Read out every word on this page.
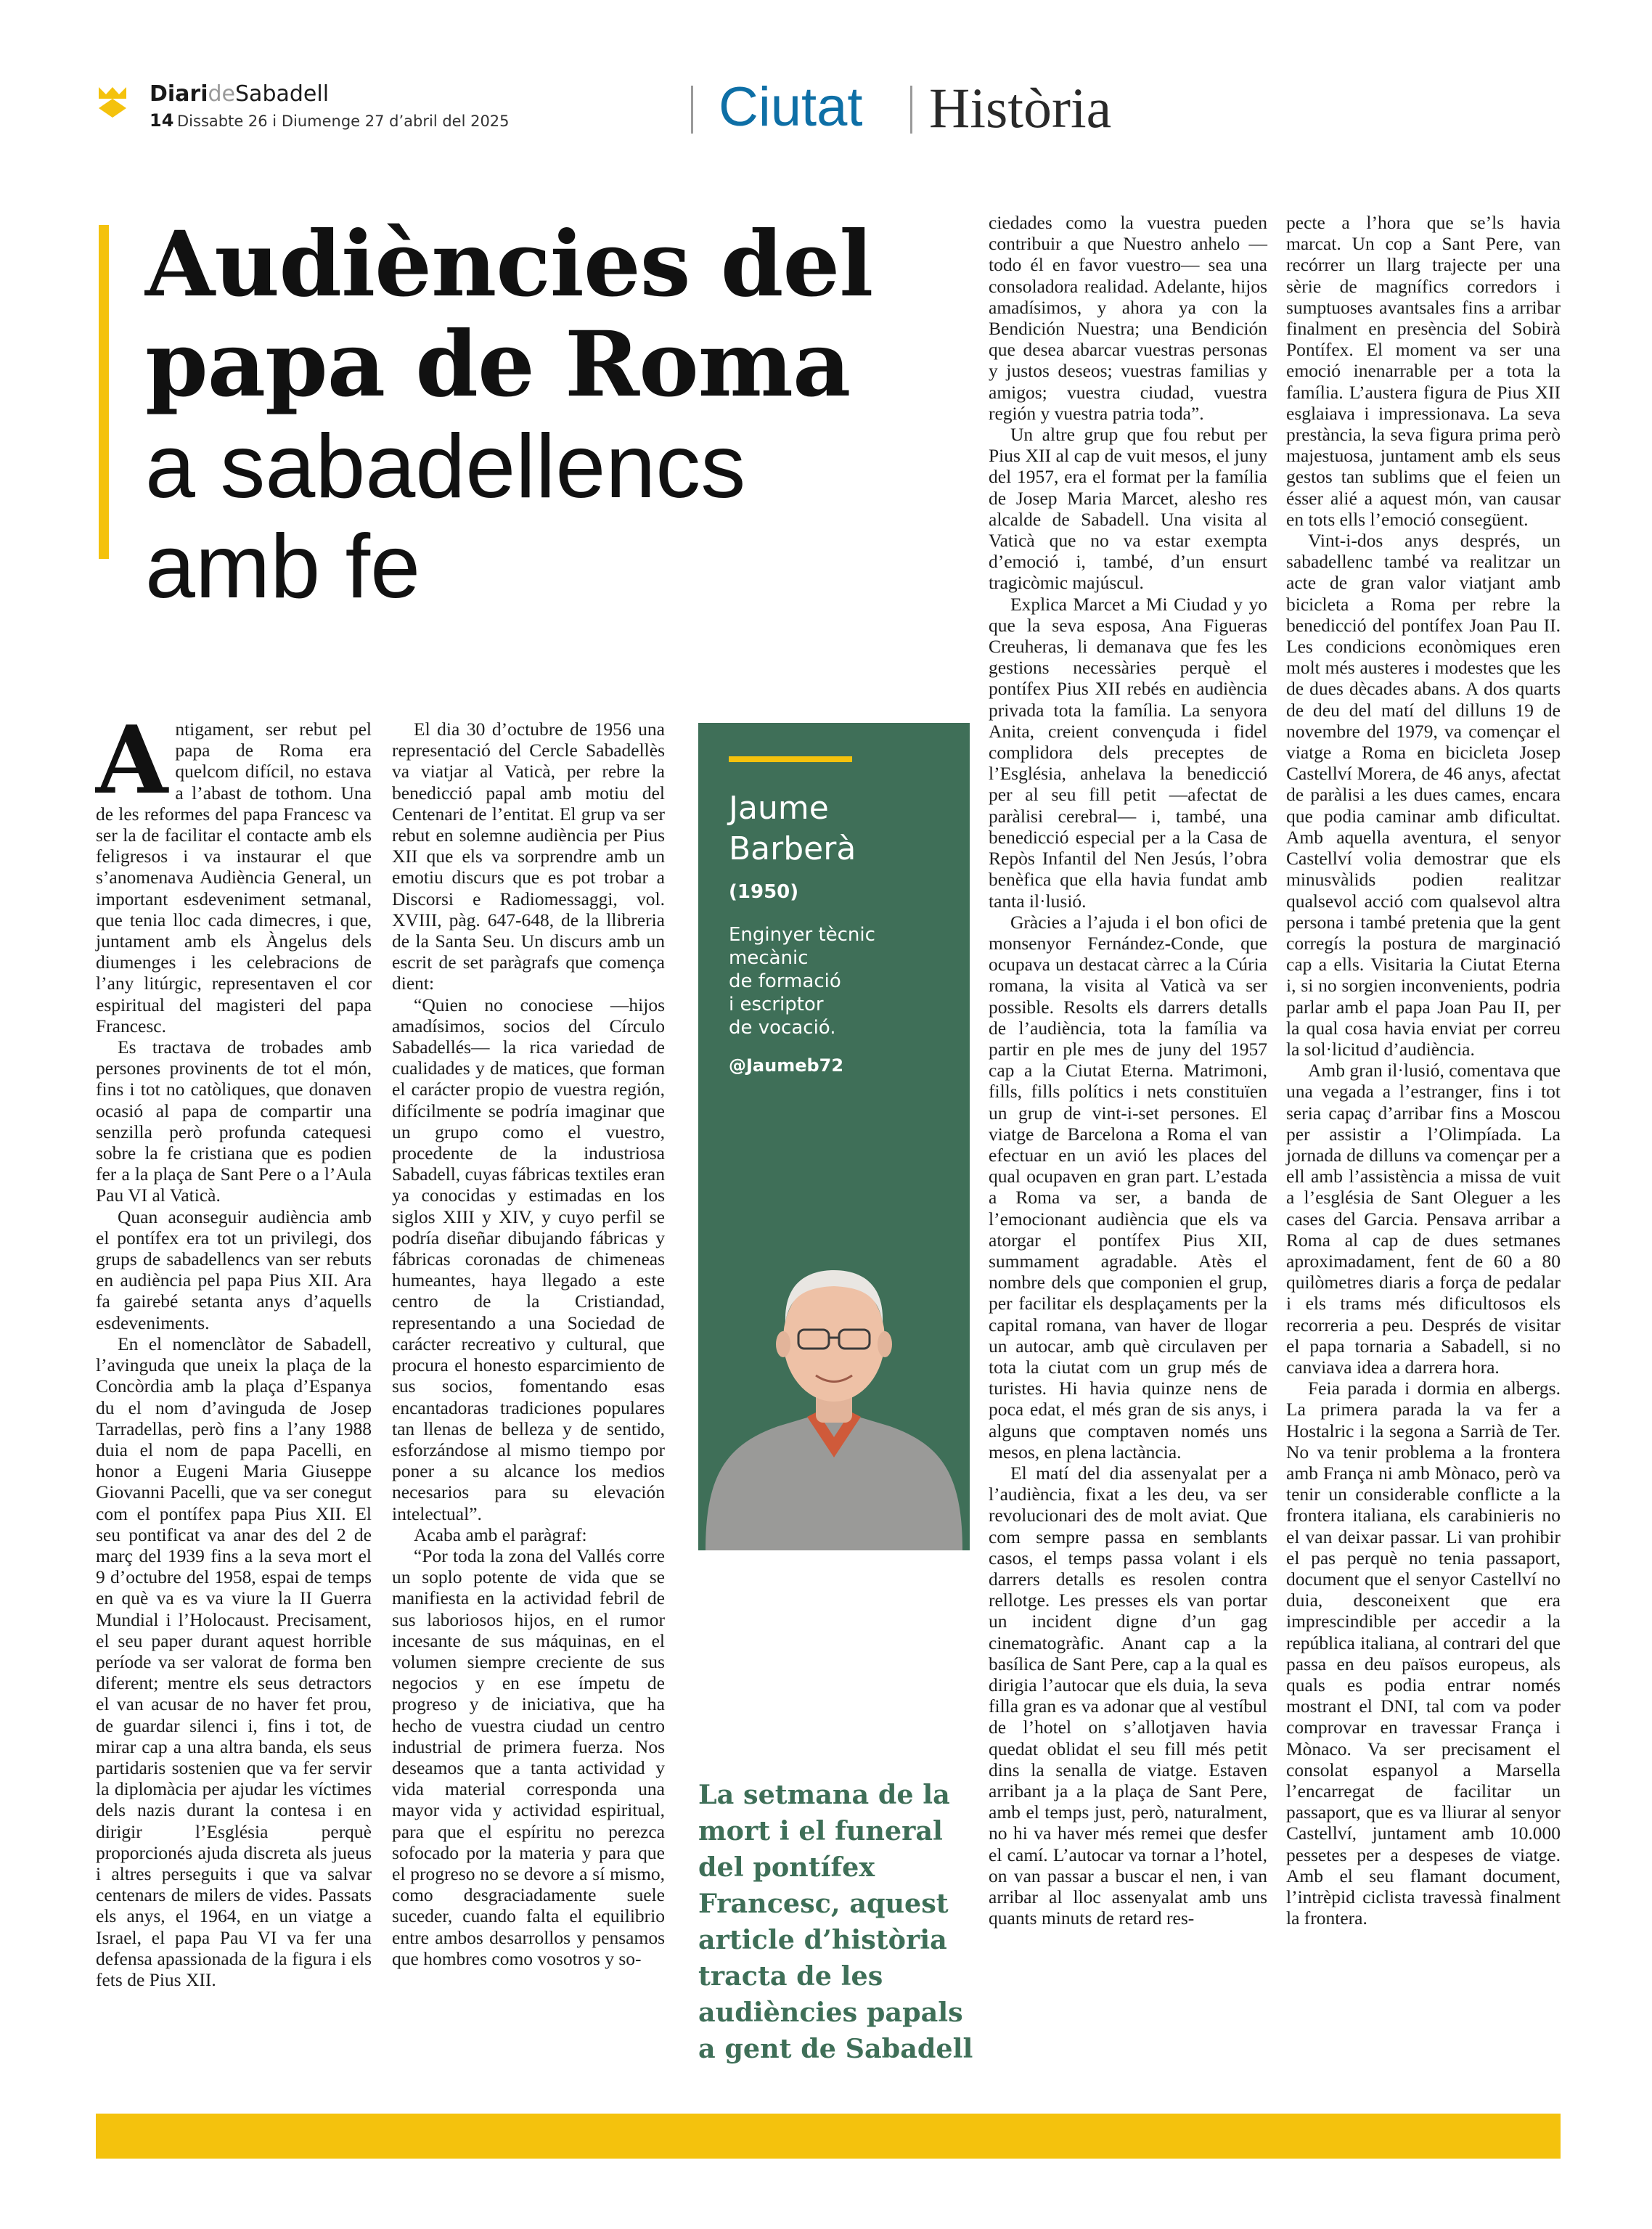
DiarideSabadell
14 Dissabte 26 i Diumenge 27 d’abril del 2025	Ciutat Història
Audiències del
papa de Roma
a sabadellencs
amb fe

Antigament, ser rebut pel papa de Roma era quelcom difícil, no estava a l’abast de tothom. Una de les reformes del papa Francesc va ser la de facilitar el contacte amb els feligresos i va instaurar el que s’anomenava Audiència General, un important esdeveniment setmanal, que tenia lloc cada dimecres, i que, juntament amb els Àngelus dels diumenges i les celebracions de l’any litúrgic, representaven el cor espiritual del magisteri del papa Francesc.

Es tractava de trobades amb persones provinents de tot el món, fins i tot no catòliques, que donaven ocasió al papa de compartir una senzilla però profunda catequesi sobre la fe cristiana que es podien fer a la plaça de Sant Pere o a l’Aula Pau VI al Vaticà.

Quan aconseguir audiència amb el pontífex era tot un privilegi, dos grups de sabadellencs van ser rebuts en audiència pel papa Pius XII. Ara fa gairebé setanta anys d’aquells esdeveniments.

En el nomenclàtor de Sabadell, l’avinguda que uneix la plaça de la Concòrdia amb la plaça d’Espanya du el nom d’avinguda de Josep Tarradellas, però fins a l’any 1988 duia el nom de papa Pacelli, en honor a Eugeni Maria Giuseppe Giovanni Pacelli, que va ser conegut com el pontífex papa Pius XII. El seu pontificat va anar des del 2 de març del 1939 fins a la seva mort el 9 d’octubre del 1958, espai de temps en què va es va viure la II Guerra Mundial i l’Holocaust. Precisament, el seu paper durant aquest horrible període va ser valorat de forma ben diferent; mentre els seus detractors el van acusar de no haver fet prou, de guardar silenci i, fins i tot, de mirar cap a una altra banda, els seus partidaris sostenien que va fer servir la diplomàcia per ajudar les víctimes dels nazis durant la contesa i en dirigir l’Església perquè proporcionés ajuda discreta als jueus i altres perseguits i que va salvar centenars de milers de vides. Passats els anys, el 1964, en un viatge a Israel, el papa Pau VI va fer una defensa apassionada de la figura i els fets de Pius XII.

El dia 30 d’octubre de 1956 una representació del Cercle Sabadellès va viatjar al Vaticà, per rebre la benedicció papal amb motiu del Centenari de l’entitat. El grup va ser rebut en solemne audiència per Pius XII que els va sorprendre amb un emotiu discurs que es pot trobar a Discorsi e Radiomessaggi, vol. XVIII, pàg. 647-648, de la llibreria de la Santa Seu. Un discurs amb un escrit de set paràgrafs que comença dient:

“Quien no conociese —hijos amadísimos, socios del Círculo Sabadellés— la rica variedad de cualidades y de matices, que forman el carácter propio de vuestra región, difícilmente se podría imaginar que un grupo como el vuestro, procedente de la industriosa Sabadell, cuyas fábricas textiles eran ya conocidas y estimadas en los siglos XIII y XIV, y cuyo perfil se podría diseñar dibujando fábricas y fábricas coronadas de chimeneas humeantes, haya llegado a este centro de la Cristiandad, representando a una Sociedad de carácter recreativo y cultural, que procura el honesto esparcimiento de sus socios, fomentando esas encantadoras tradiciones populares tan llenas de belleza y de sentido, esforzándose al mismo tiempo por poner a su alcance los medios necesarios para su elevación intelectual”.

Acaba amb el paràgraf:

“Por toda la zona del Vallés corre un soplo potente de vida que se manifiesta en la actividad febril de sus laboriosos hijos, en el rumor incesante de sus máquinas, en el volumen siempre creciente de sus negocios y en ese ímpetu de progreso y de iniciativa, que ha hecho de vuestra ciudad un centro industrial de primera fuerza. Nos deseamos que a tanta actividad y vida material corresponda una mayor vida y actividad espiritual, para que el espíritu no perezca sofocado por la materia y para que el progreso no se devore a sí mismo, como desgraciadamente suele suceder, cuando falta el equilibrio entre ambos desarrollos y pensamos que hombres como vosotros y so-

Jaume
Barberà
(1950)
Enginyer tècnic
mecànic
de formació
i escriptor
de vocació.
@Jaumeb72
La setmana de la mort i el funeral del pontífex Francesc, aquest article d’història tracta de les audiències papals a gent de Sabadell

ciedades como la vuestra pueden contribuir a que Nuestro anhelo —todo él en favor vuestro— sea una consoladora realidad. Adelante, hijos amadísimos, y ahora ya con la Bendición Nuestra; una Bendición que desea abarcar vuestras personas y justos deseos; vuestras familias y amigos; vuestra ciudad, vuestra región y vuestra patria toda”.

Un altre grup que fou rebut per Pius XII al cap de vuit mesos, el juny del 1957, era el format per la família de Josep Maria Marcet, alesho res alcalde de Sabadell. Una visita al Vaticà que no va estar exempta d’emoció i, també, d’un ensurt tragicòmic majúscul.

Explica Marcet a Mi Ciudad y yo que la seva esposa, Ana Figueras Creuheras, li demanava que fes les gestions necessàries perquè el pontífex Pius XII rebés en audiència privada tota la família. La senyora Anita, creient convençuda i fidel complidora dels preceptes de l’Església, anhelava la benedicció per al seu fill petit —afectat de paràlisi cerebral— i, també, una benedicció especial per a la Casa de Repòs Infantil del Nen Jesús, l’obra benèfica que ella havia fundat amb tanta il·lusió.

Gràcies a l’ajuda i el bon ofici de monsenyor Fernández-Conde, que ocupava un destacat càrrec a la Cúria romana, la visita al Vaticà va ser possible. Resolts els darrers detalls de l’audiència, tota la família va partir en ple mes de juny del 1957 cap a la Ciutat Eterna. Matrimoni, fills, fills polítics i nets constituïen un grup de vint-i-set persones. El viatge de Barcelona a Roma el van efectuar en un avió les places del qual ocupaven en gran part. L’estada a Roma va ser, a banda de l’emocionant audiència que els va atorgar el pontífex Pius XII, summament agradable. Atès el nombre dels que componien el grup, per facilitar els desplaçaments per la capital romana, van haver de llogar un autocar, amb què circulaven per tota la ciutat com un grup més de turistes. Hi havia quinze nens de poca edat, el més gran de sis anys, i alguns que comptaven només uns mesos, en plena lactància.

El matí del dia assenyalat per a l’audiència, fixat a les deu, va ser revolucionari des de molt aviat. Que com sempre passa en semblants casos, el temps passa volant i els darrers detalls es resolen contra rellotge. Les presses els van portar un incident digne d’un gag cinematogràfic. Anant cap a la basílica de Sant Pere, cap a la qual es dirigia l’autocar que els duia, la seva filla gran es va adonar que al vestíbul de l’hotel on s’allotjaven havia quedat oblidat el seu fill més petit dins la senalla de viatge. Estaven arribant ja a la plaça de Sant Pere, amb el temps just, però, naturalment, no hi va haver més remei que desfer el camí. L’autocar va tornar a l’hotel, on van passar a buscar el nen, i van arribar al lloc assenyalat amb uns quants minuts de retard res-

pecte a l’hora que se’ls havia marcat. Un cop a Sant Pere, van recórrer un llarg trajecte per una sèrie de magnífics corredors i sumptuoses avantsales fins a arribar finalment en presència del Sobirà Pontífex. El moment va ser una emoció inenarrable per a tota la família. L’austera figura de Pius XII esglaiava i impressionava. La seva prestància, la seva figura prima però majestuosa, juntament amb els seus gestos tan sublims que el feien un ésser alié a aquest món, van causar en tots ells l’emoció consegüent.

Vint-i-dos anys després, un sabadellenc també va realitzar un acte de gran valor viatjant amb bicicleta a Roma per rebre la benedicció del pontífex Joan Pau II. Les condicions econòmiques eren molt més austeres i modestes que les de dues dècades abans. A dos quarts de deu del matí del dilluns 19 de novembre del 1979, va començar el viatge a Roma en bicicleta Josep Castellví Morera, de 46 anys, afectat de paràlisi a les dues cames, encara que podia caminar amb dificultat. Amb aquella aventura, el senyor Castellví volia demostrar que els minusvàlids podien realitzar qualsevol acció com qualsevol altra persona i també pretenia que la gent corregís la postura de marginació cap a ells. Visitaria la Ciutat Eterna i, si no sorgien inconvenients, podria parlar amb el papa Joan Pau II, per la qual cosa havia enviat per correu la sol·licitud d’audiència.

Amb gran il·lusió, comentava que una vegada a l’estranger, fins i tot seria capaç d’arribar fins a Moscou per assistir a l’Olimpíada. La jornada de dilluns va començar per a ell amb l’assistència a missa de vuit a l’església de Sant Oleguer a les cases del Garcia. Pensava arribar a Roma al cap de dues setmanes aproximadament, fent de 60 a 80 quilòmetres diaris a força de pedalar i els trams més dificultosos els recorreria a peu. Després de visitar el papa tornaria a Sabadell, si no canviava idea a darrera hora.

Feia parada i dormia en albergs. La primera parada la va fer a Hostalric i la segona a Sarrià de Ter. No va tenir problema a la frontera amb França ni amb Mònaco, però va tenir un considerable conflicte a la frontera italiana, els carabinieris no el van deixar passar. Li van prohibir el pas perquè no tenia passaport, document que el senyor Castellví no duia, desconeixent que era imprescindible per accedir a la república italiana, al contrari del que passa en deu països europeus, als quals es podia entrar només mostrant el DNI, tal com va poder comprovar en travessar França i Mònaco. Va ser precisament el consolat espanyol a Marsella l’encarregat de facilitar un passaport, que es va lliurar al senyor Castellví, juntament amb 10.000 pessetes per a despeses de viatge. Amb el seu flamant document, l’intrèpid ciclista travessà finalment la frontera.
